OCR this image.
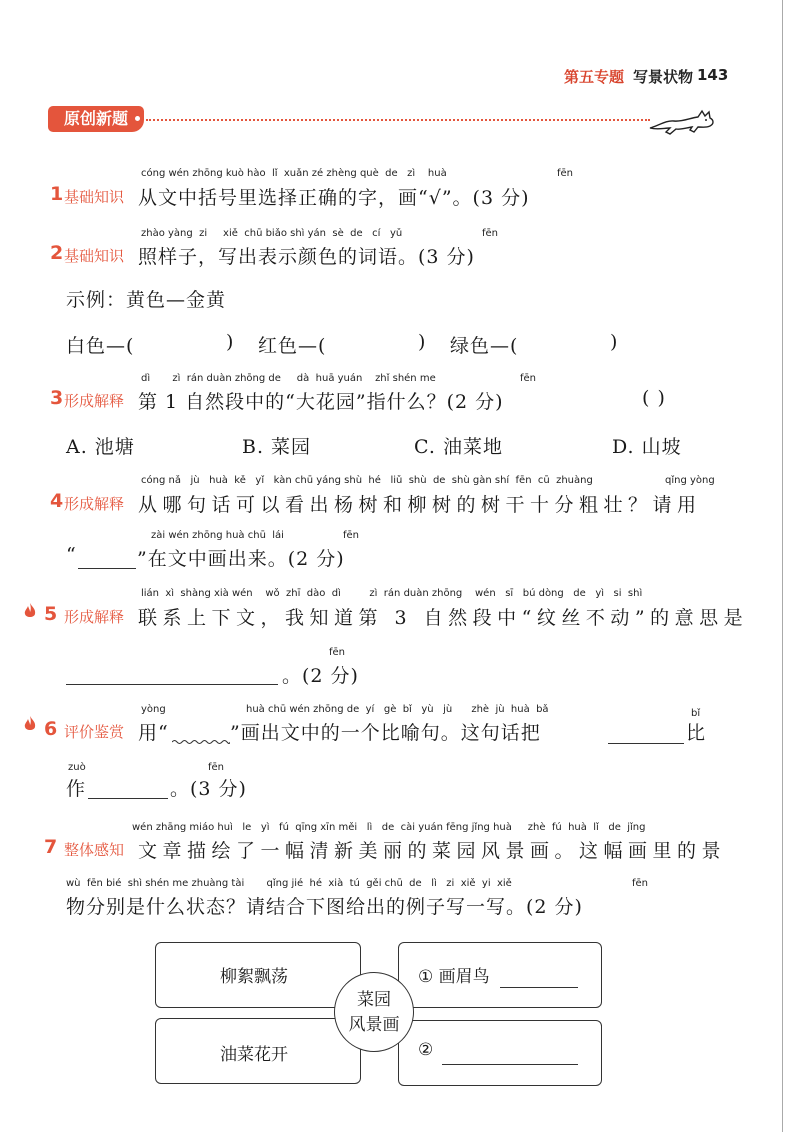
第五专题 写景状物 143
原创新题
cóng wén zhōng kuò hào  lǐ  xuǎn zé zhèng què  de   zì    huà	fēn
1 基础知识 从文中括号里选择正确的字，画“√”。(3 分)
zhào yàng  zi     xiě  chū biǎo shì yán  sè  de   cí   yǔ	fēn
2 基础知识 照样子，写出表示颜色的词语。(3 分)
示例：黄色—金黄
白色—(	) 红色—(	) 绿色—(	)
dì       zì  rán duàn zhōng de     dà  huā yuán    zhǐ shén me	fēn
3 形成解释 第 1 自然段中的“大花园”指什么？(2 分)	( )
A. 池塘	B. 菜园	C. 油菜地	D. 山坡
cóng nǎ   jù   huà  kě   yǐ   kàn chū yáng shù  hé   liǔ  shù  de  shù gàn shí  fēn  cū  zhuàng	qǐng yòng
4 形成解释 从哪句话可以看出杨树和柳树的树干十分粗壮？请用
zài wén zhōng huà chū  lái	fēn
“	”在文中画出来。(2 分)
lián  xì  shàng xià wén    wǒ  zhī  dào  dì         zì  rán duàn zhōng    wén   sī   bú dòng   de   yì   si  shì
5 形成解释 联系上下文，我知道第 3 自然段中“纹丝不动”的意思是
fēn
。(2 分)
yòng	huà chū wén zhōng de  yí   gè  bǐ   yù   jù      zhè  jù  huà  bǎ	bǐ
6 评价鉴赏 用“	”画出文中的一个比喻句。这句话把	比
zuò	fēn
作	。(3 分)
wén zhāng miáo huì   le   yì   fú  qīng xīn měi   lì   de  cài yuán fēng jǐng huà     zhè  fú  huà  lǐ   de  jǐng
7 整体感知 文章描绘了一幅清新美丽的菜园风景画。这幅画里的景
wù  fēn bié  shì shén me zhuàng tài       qǐng jié  hé  xià  tú  gěi chū  de   lì   zi  xiě  yi  xiě	fēn
物分别是什么状态？请结合下图给出的例子写一写。(2 分)
柳絮飘荡
油菜花开
① 画眉鸟
②
菜园
风景画
